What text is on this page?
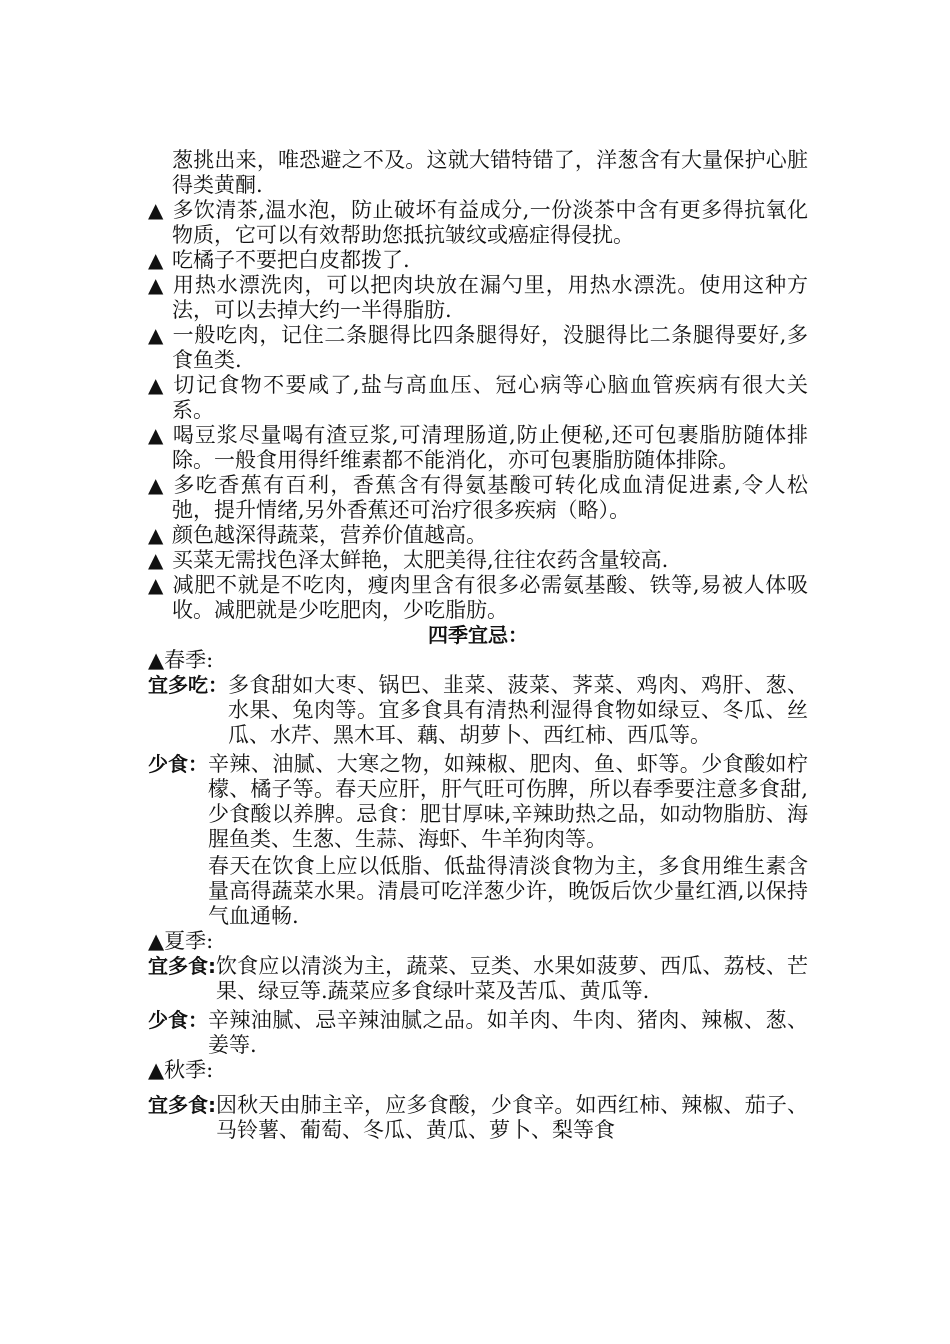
葱挑出来，唯恐避之不及。这就大错特错了，洋葱含有大量保护心脏得类黄酮.

▲ 多饮清茶,温水泡，防止破坏有益成分,一份淡茶中含有更多得抗氧化物质，它可以有效帮助您抵抗皱纹或癌症得侵扰。

▲ 吃橘子不要把白皮都拨了.

▲ 用热水漂洗肉，可以把肉块放在漏勺里，用热水漂洗。使用这种方法，可以去掉大约一半得脂肪.

▲ 一般吃肉，记住二条腿得比四条腿得好，没腿得比二条腿得要好,多食鱼类.

▲ 切记食物不要咸了,盐与高血压、冠心病等心脑血管疾病有很大关系。

▲ 喝豆浆尽量喝有渣豆浆,可清理肠道,防止便秘,还可包裹脂肪随体排除。一般食用得纤维素都不能消化，亦可包裹脂肪随体排除。

▲ 多吃香蕉有百利，香蕉含有得氨基酸可转化成血清促进素,令人松弛，提升情绪,另外香蕉还可治疗很多疾病（略）。

▲ 颜色越深得蔬菜，营养价值越高。

▲ 买菜无需找色泽太鲜艳，太肥美得,往往农药含量较高.

▲ 减肥不就是不吃肉，瘦肉里含有很多必需氨基酸、铁等,易被人体吸收。减肥就是少吃肥肉，少吃脂肪。

四季宜忌：

▲春季:

宜多吃： 多食甜如大枣、锅巴、韭菜、菠菜、荠菜、鸡肉、鸡肝、葱、水果、兔肉等。宜多食具有清热利湿得食物如绿豆、冬瓜、丝瓜、水芹、黑木耳、藕、胡萝卜、西红柿、西瓜等。

少食： 辛辣、油腻、大寒之物，如辣椒、肥肉、鱼、虾等。少食酸如柠檬、橘子等。春天应肝，肝气旺可伤脾，所以春季要注意多食甜,少食酸以养脾。忌食：肥甘厚味,辛辣助热之品，如动物脂肪、海腥鱼类、生葱、生蒜、海虾、牛羊狗肉等。

春天在饮食上应以低脂、低盐得清淡食物为主，多食用维生素含量高得蔬菜水果。清晨可吃洋葱少许，晚饭后饮少量红酒,以保持气血通畅.

▲夏季:

宜多食: 饮食应以清淡为主，蔬菜、豆类、水果如菠萝、西瓜、荔枝、芒果、绿豆等.蔬菜应多食绿叶菜及苦瓜、黄瓜等.

少食： 辛辣油腻、忌辛辣油腻之品。如羊肉、牛肉、猪肉、辣椒、葱、姜等.

▲秋季:

宜多食: 因秋天由肺主辛，应多食酸，少食辛。如西红柿、辣椒、茄子、马铃薯、葡萄、冬瓜、黄瓜、萝卜、梨等食
